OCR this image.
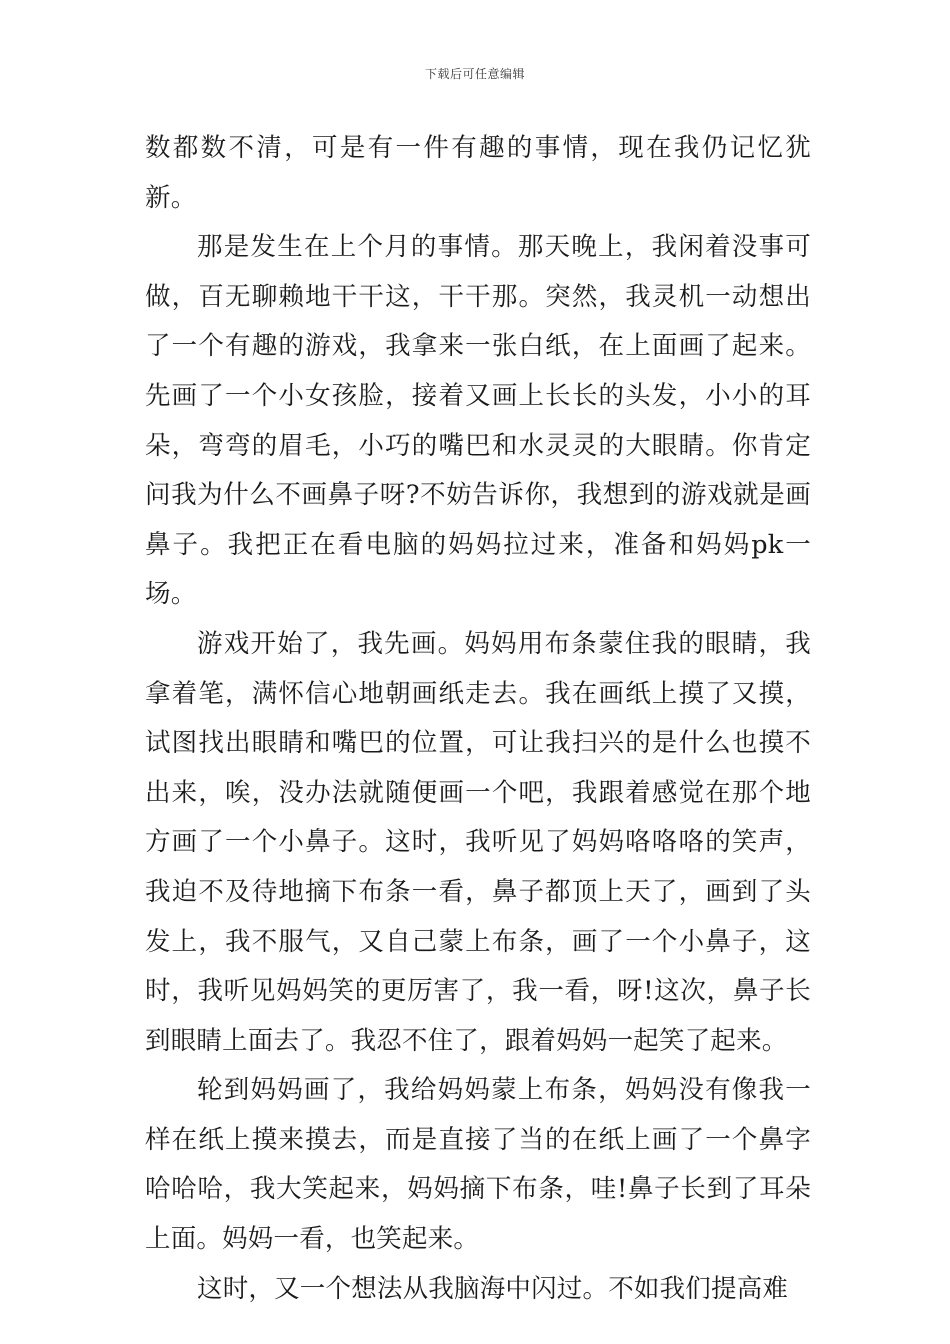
下载后可任意编辑

数都数不清，可是有一件有趣的事情，现在我仍记忆犹新。

那是发生在上个月的事情。那天晚上，我闲着没事可做，百无聊赖地干干这，干干那。突然，我灵机一动想出了一个有趣的游戏，我拿来一张白纸，在上面画了起来。先画了一个小女孩脸，接着又画上长长的头发，小小的耳朵，弯弯的眉毛，小巧的嘴巴和水灵灵的大眼睛。你肯定问我为什么不画鼻子呀?不妨告诉你，我想到的游戏就是画鼻子。我把正在看电脑的妈妈拉过来，准备和妈妈pk一场。

游戏开始了，我先画。妈妈用布条蒙住我的眼睛，我拿着笔，满怀信心地朝画纸走去。我在画纸上摸了又摸，试图找出眼睛和嘴巴的位置，可让我扫兴的是什么也摸不出来，唉，没办法就随便画一个吧，我跟着感觉在那个地方画了一个小鼻子。这时，我听见了妈妈咯咯咯的笑声，我迫不及待地摘下布条一看，鼻子都顶上天了，画到了头发上，我不服气，又自己蒙上布条，画了一个小鼻子，这时，我听见妈妈笑的更厉害了，我一看，呀!这次，鼻子长到眼睛上面去了。我忍不住了，跟着妈妈一起笑了起来。

轮到妈妈画了，我给妈妈蒙上布条，妈妈没有像我一样在纸上摸来摸去，而是直接了当的在纸上画了一个鼻字哈哈哈，我大笑起来，妈妈摘下布条，哇!鼻子长到了耳朵上面。妈妈一看，也笑起来。

这时，又一个想法从我脑海中闪过。不如我们提高难
